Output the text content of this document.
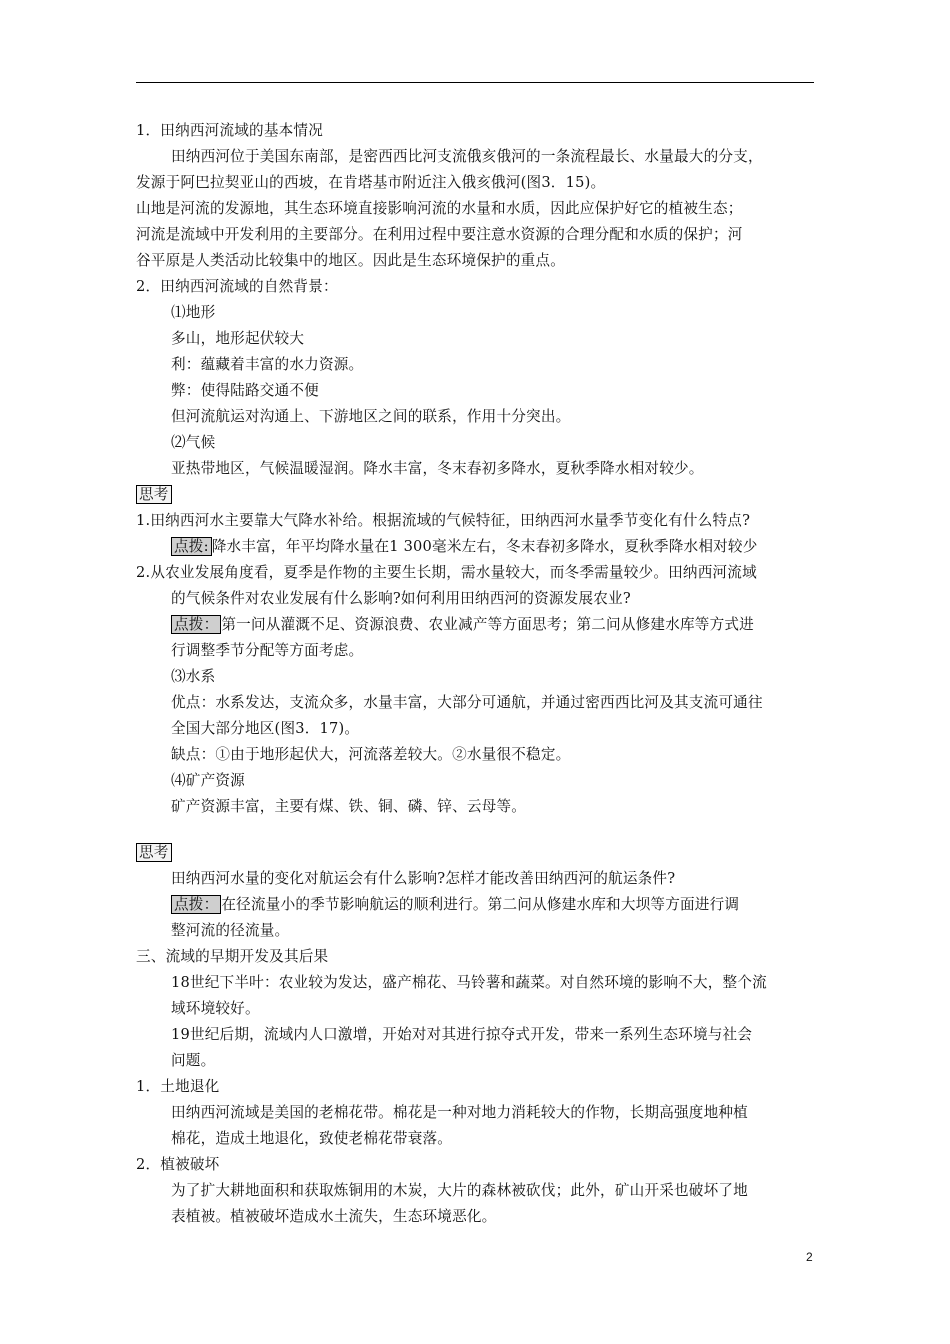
1．田纳西河流域的基本情况
田纳西河位于美国东南部，是密西西比河支流俄亥俄河的一条流程最长、水量最大的分支，
发源于阿巴拉契亚山的西坡，在肯塔基市附近注入俄亥俄河(图3．15)。
山地是河流的发源地，其生态环境直接影响河流的水量和水质，因此应保护好它的植被生态；
河流是流域中开发利用的主要部分。在利用过程中要注意水资源的合理分配和水质的保护；河
谷平原是人类活动比较集中的地区。因此是生态环境保护的重点。
2．田纳西河流域的自然背景：
⑴地形
多山，地形起伏较大
利：蕴藏着丰富的水力资源。
弊：使得陆路交通不便
但河流航运对沟通上、下游地区之间的联系，作用十分突出。
⑵气候
亚热带地区，气候温暖湿润。降水丰富，冬末春初多降水，夏秋季降水相对较少。
1.田纳西河水主要靠大气降水补给。根据流域的气候特征，田纳西河水量季节变化有什么特点?
2.从农业发展角度看，夏季是作物的主要生长期，需水量较大，而冬季需量较少。田纳西河流域
的气候条件对农业发展有什么影响?如何利用田纳西河的资源发展农业?
行调整季节分配等方面考虑。
⑶水系
优点：水系发达，支流众多，水量丰富，大部分可通航，并通过密西西比河及其支流可通往
全国大部分地区(图3．17)。
缺点：①由于地形起伏大，河流落差较大。②水量很不稳定。
⑷矿产资源
矿产资源丰富，主要有煤、铁、铜、磷、锌、云母等。
田纳西河水量的变化对航运会有什么影响?怎样才能改善田纳西河的航运条件?
整河流的径流量。
三、流域的早期开发及其后果
18世纪下半叶：农业较为发达，盛产棉花、马铃薯和蔬菜。对自然环境的影响不大，整个流
域环境较好。
19世纪后期，流域内人口激增，开始对对其进行掠夺式开发，带来一系列生态环境与社会
问题。
1．土地退化
田纳西河流域是美国的老棉花带。棉花是一种对地力消耗较大的作物，长期高强度地种植
棉花，造成土地退化，致使老棉花带衰落。
2．植被破坏
为了扩大耕地面积和获取炼铜用的木炭，大片的森林被砍伐；此外，矿山开采也破坏了地
表植被。植被破坏造成水土流失，生态环境恶化。
思考
思考
点拨: 降水丰富，年平均降水量在1 300毫米左右，冬末春初多降水，夏秋季降水相对较少
点拨： 第一问从灌溉不足、资源浪费、农业减产等方面思考；第二问从修建水库等方式进
点拨： 在径流量小的季节影响航运的顺利进行。第二问从修建水库和大坝等方面进行调
2
